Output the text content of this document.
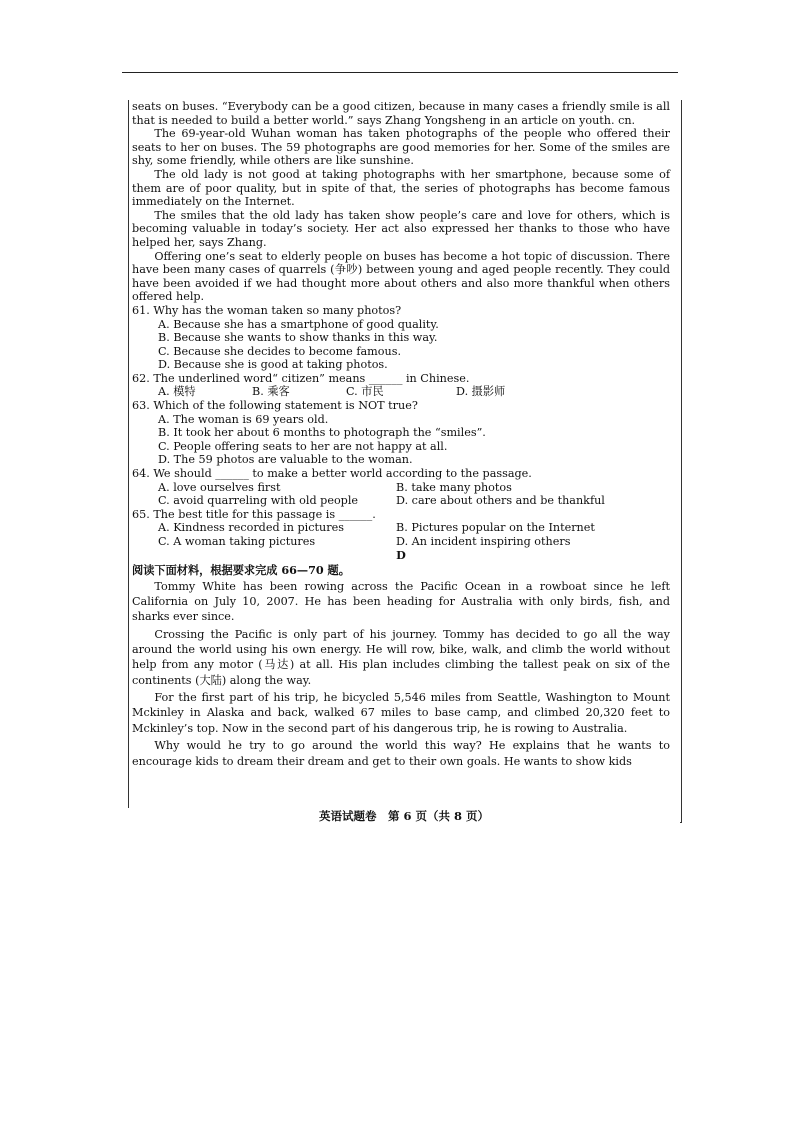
seats on buses. “Everybody can be a good citizen, because in many cases a friendly smile is all that is needed to build a better world.” says Zhang Yongsheng in an article on youth. cn.

The 69-year-old Wuhan woman has taken photographs of the people who offered their seats to her on buses. The 59 photographs are good memories for her. Some of the smiles are shy, some friendly, while others are like sunshine.

The old lady is not good at taking photographs with her smartphone, because some of them are of poor quality, but in spite of that, the series of photographs has become famous immediately on the Internet.

The smiles that the old lady has taken show people’s care and love for others, which is becoming valuable in today’s society. Her act also expressed her thanks to those who have helped her, says Zhang.

Offering one’s seat to elderly people on buses has become a hot topic of discussion. There have been many cases of quarrels (争吵) between young and aged people recently. They could have been avoided if we had thought more about others and also more thankful when others offered help.

61. Why has the woman taken so many photos?

A. Because she has a smartphone of good quality.

B. Because she wants to show thanks in this way.

C. Because she decides to become famous.

D. Because she is good at taking photos.

62. The underlined word“ citizen” means ______ in Chinese.

A. 模特	B. 乘客	C. 市民	D. 摄影师

63. Which of the following statement is NOT true?

A. The woman is 69 years old.

B. It took her about 6 months to photograph the “smiles”.

C. People offering seats to her are not happy at all.

D. The 59 photos are valuable to the woman.

64. We should ______ to make a better world according to the passage.

A. love ourselves first	B. take many photos
C. avoid quarreling with old people	D. care about others and be thankful

65. The best title for this passage is ______.

A. Kindness recorded in pictures	B. Pictures popular on the Internet
C. A woman taking pictures	D. An incident inspiring others

D

阅读下面材料，根据要求完成 66—70 题。

Tommy White has been rowing across the Pacific Ocean in a rowboat since he left California on July 10, 2007. He has been heading for Australia with only birds, fish, and sharks ever since.

Crossing the Pacific is only part of his journey. Tommy has decided to go all the way around the world using his own energy. He will row, bike, walk, and climb the world without help from any motor (马达) at all. His plan includes climbing the tallest peak on six of the continents (大陆) along the way.

For the first part of his trip, he bicycled 5,546 miles from Seattle, Washington to Mount Mckinley in Alaska and back, walked 67 miles to base camp, and climbed 20,320 feet to Mckinley’s top. Now in the second part of his dangerous trip, he is rowing to Australia.

Why would he try to go around the world this way? He explains that he wants to encourage kids to dream their dream and get to their own goals. He wants to show kids

英语试题卷　第 6 页（共 8 页）
